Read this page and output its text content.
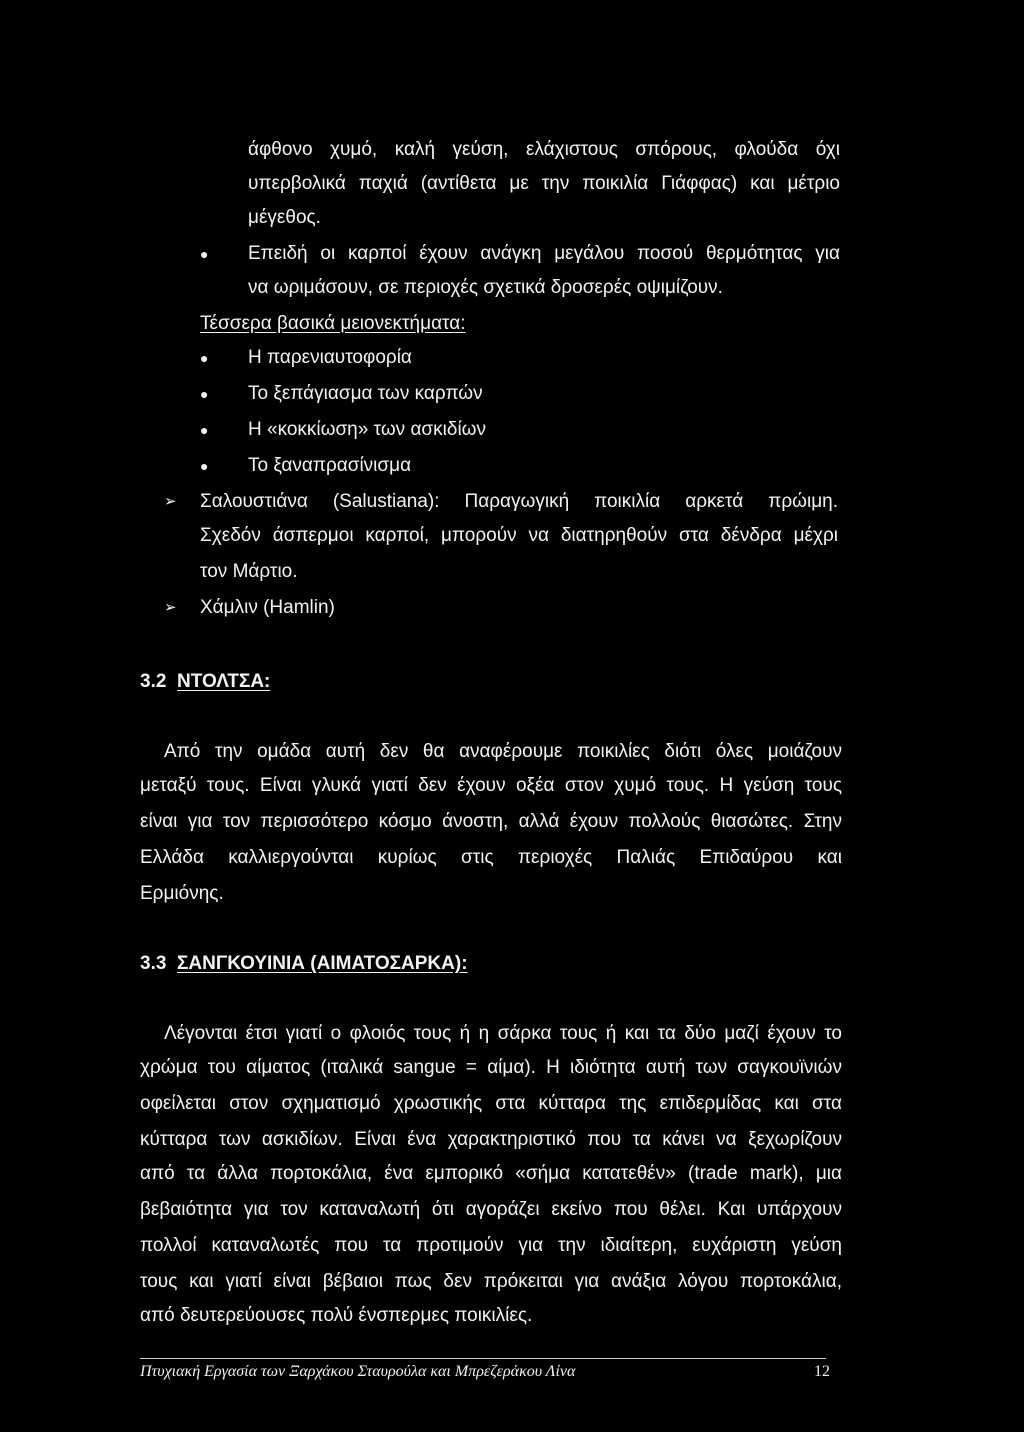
άφθονο χυμό, καλή γεύση, ελάχιστους σπόρους, φλούδα όχι
υπερβολικά παχιά (αντίθετα με την ποικιλία Γιάφφας) και μέτριο
μέγεθος.
● Επειδή οι καρποί έχουν ανάγκη μεγάλου ποσού θερμότητας για
να ωριμάσουν, σε περιοχές σχετικά δροσερές οψιμίζουν.
Τέσσερα βασικά μειονεκτήματα:
● Η παρενιαυτοφορία
● Το ξεπάγιασμα των καρπών
● Η «κοκκίωση» των ασκιδίων
● Το ξαναπρασίνισμα
➢ Σαλουστιάνα (Salustiana): Παραγωγική ποικιλία αρκετά πρώιμη.
Σχεδόν άσπερμοι καρποί, μπορούν να διατηρηθούν στα δένδρα μέχρι
τον Μάρτιο.
➢ Χάμλιν (Hamlin)
3.2 ΝΤΟΛΤΣΑ:
Από την ομάδα αυτή δεν θα αναφέρουμε ποικιλίες διότι όλες μοιάζουν
μεταξύ τους. Είναι γλυκά γιατί δεν έχουν οξέα στον χυμό τους. Η γεύση τους
είναι για τον περισσότερο κόσμο άνοστη, αλλά έχουν πολλούς θιασώτες. Στην
Ελλάδα καλλιεργούνται κυρίως στις περιοχές Παλιάς Επιδαύρου και
Ερμιόνης.
3.3 ΣΑΝΓΚΟΥΙΝΙΑ (ΑΙΜΑΤΟΣΑΡΚΑ):
Λέγονται έτσι γιατί ο φλοιός τους ή η σάρκα τους ή και τα δύο μαζί έχουν το
χρώμα του αίματος (ιταλικά sangue = αίμα). Η ιδιότητα αυτή των σαγκουϊνιών
οφείλεται στον σχηματισμό χρωστικής στα κύτταρα της επιδερμίδας και στα
κύτταρα των ασκιδίων. Είναι ένα χαρακτηριστικό που τα κάνει να ξεχωρίζουν
από τα άλλα πορτοκάλια, ένα εμπορικό «σήμα κατατεθέν» (trade mark), μια
βεβαιότητα για τον καταναλωτή ότι αγοράζει εκείνο που θέλει. Και υπάρχουν
πολλοί καταναλωτές που τα προτιμούν για την ιδιαίτερη, ευχάριστη γεύση
τους και γιατί είναι βέβαιοι πως δεν πρόκειται για ανάξια λόγου πορτοκάλια,
από δευτερεύουσες πολύ ένσπερμες ποικιλίες.
Πτυχιακή Εργασία των Ξαρχάκου Σταυρούλα και Μπρεζεράκου Λίνα	12
